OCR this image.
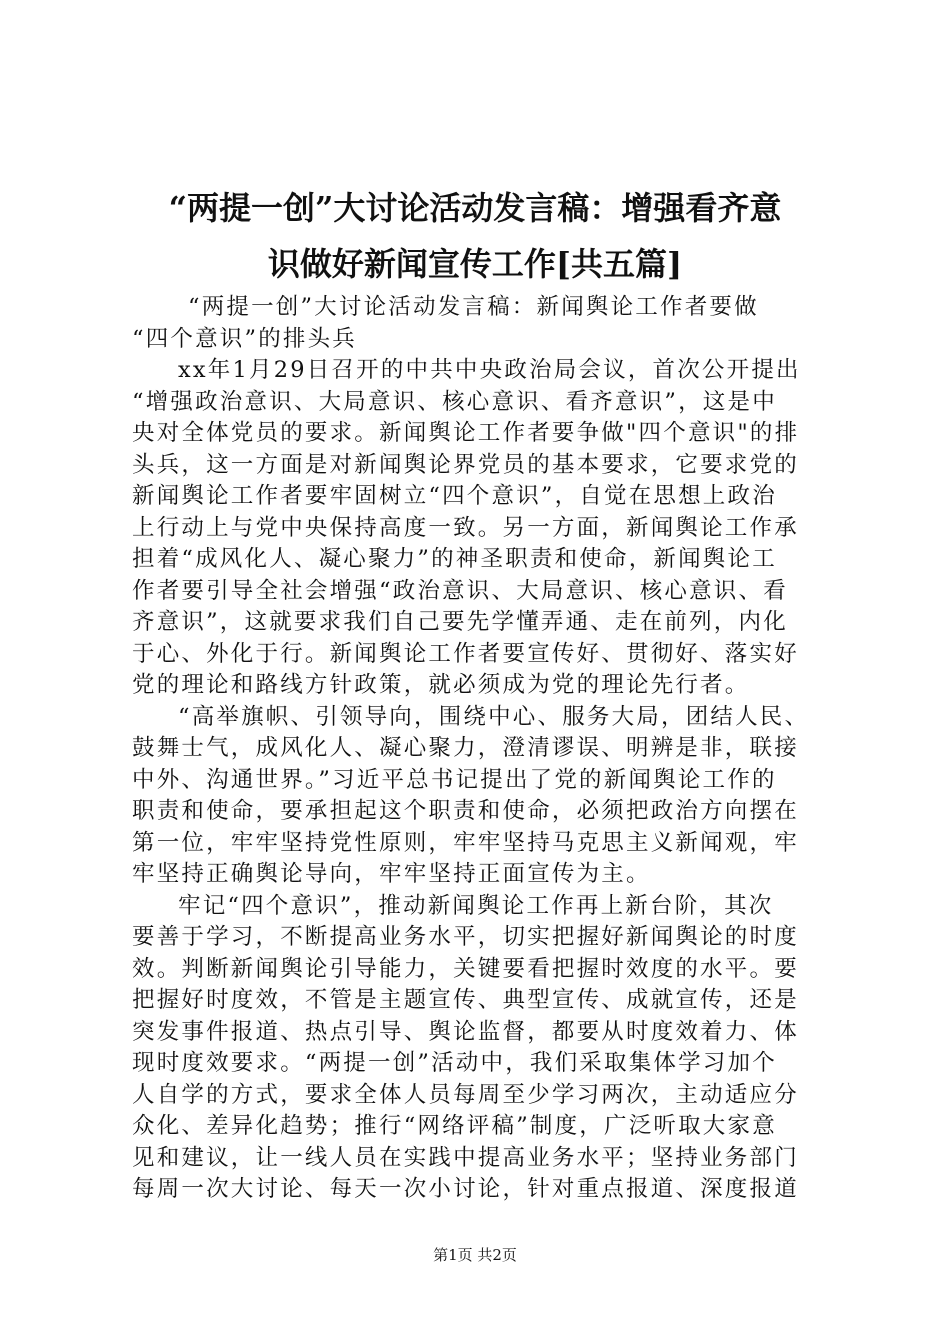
“两提一创”大讨论活动发言稿：增强看齐意
识做好新闻宣传工作[共五篇]
“两提一创”大讨论活动发言稿：新闻舆论工作者要做
“四个意识”的排头兵
xx年1月29日召开的中共中央政治局会议，首次公开提出
“增强政治意识、大局意识、核心意识、看齐意识”，这是中
央对全体党员的要求。新闻舆论工作者要争做"四个意识"的排
头兵，这一方面是对新闻舆论界党员的基本要求，它要求党的
新闻舆论工作者要牢固树立“四个意识”，自觉在思想上政治
上行动上与党中央保持高度一致。另一方面，新闻舆论工作承
担着“成风化人、凝心聚力”的神圣职责和使命，新闻舆论工
作者要引导全社会增强“政治意识、大局意识、核心意识、看
齐意识”，这就要求我们自己要先学懂弄通、走在前列，内化
于心、外化于行。新闻舆论工作者要宣传好、贯彻好、落实好
党的理论和路线方针政策，就必须成为党的理论先行者。
“高举旗帜、引领导向，围绕中心、服务大局，团结人民、
鼓舞士气，成风化人、凝心聚力，澄清谬误、明辨是非，联接
中外、沟通世界。”习近平总书记提出了党的新闻舆论工作的
职责和使命，要承担起这个职责和使命，必须把政治方向摆在
第一位，牢牢坚持党性原则，牢牢坚持马克思主义新闻观，牢
牢坚持正确舆论导向，牢牢坚持正面宣传为主。
牢记“四个意识”，推动新闻舆论工作再上新台阶，其次
要善于学习，不断提高业务水平，切实把握好新闻舆论的时度
效。判断新闻舆论引导能力，关键要看把握时效度的水平。要
把握好时度效，不管是主题宣传、典型宣传、成就宣传，还是
突发事件报道、热点引导、舆论监督，都要从时度效着力、体
现时度效要求。“两提一创”活动中，我们采取集体学习加个
人自学的方式，要求全体人员每周至少学习两次，主动适应分
众化、差异化趋势；推行“网络评稿”制度，广泛听取大家意
见和建议，让一线人员在实践中提高业务水平；坚持业务部门
每周一次大讨论、每天一次小讨论，针对重点报道、深度报道
第1页 共2页
